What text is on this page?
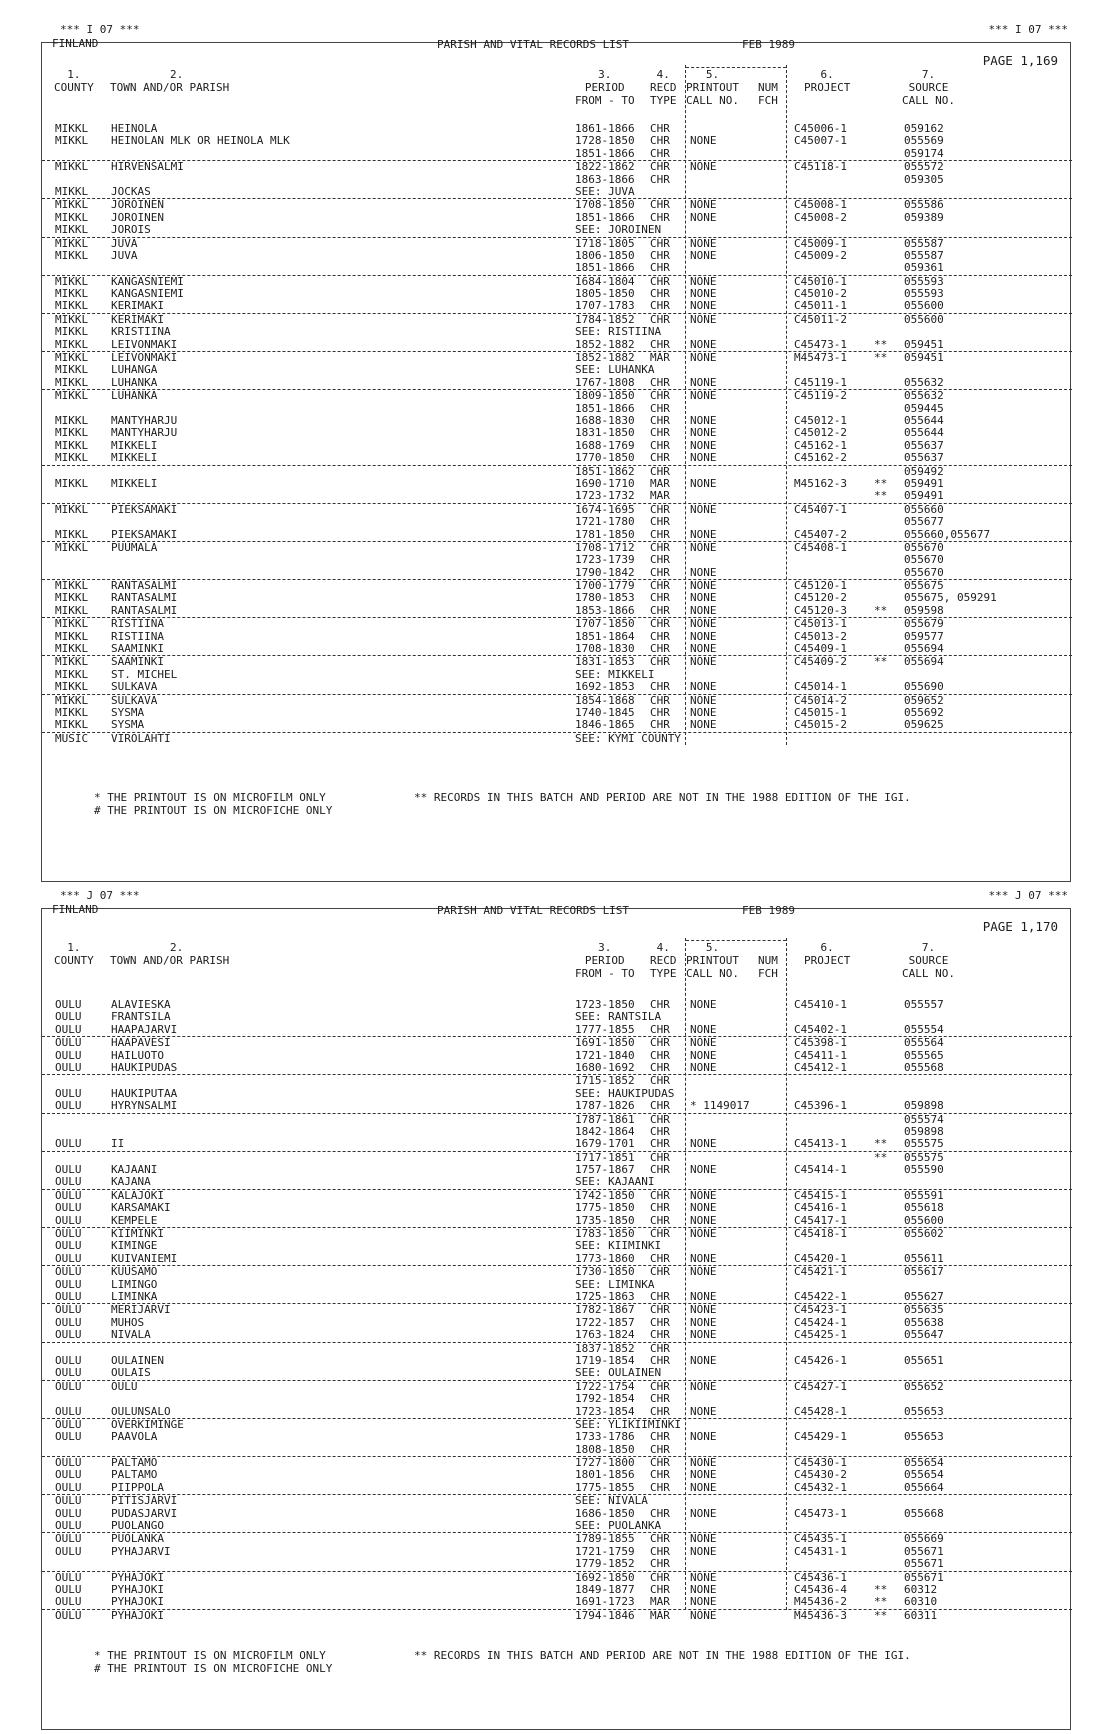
*** I 07 ***	*** I 07 ***
FINLAND	PARISH AND VITAL RECORDS LIST	FEB 1989
PAGE 1,169
1.
COUNTY
2.
TOWN AND/OR PARISH
3.
PERIOD
FROM - TO
4.
RECD
TYPE
5.
PRINTOUT
CALL NO.
NUM
FCH
6.
PROJECT
7.
SOURCE
CALL NO.
MIKKL HEINOLA	1861-1866 CHR	C45006-1	059162
MIKKL HEINOLAN MLK OR HEINOLA MLK	1728-1850 CHR NONE	C45007-1	055569
1851-1866 CHR	059174
MIKKL HIRVENSALMI	1822-1862 CHR NONE	C45118-1	055572
1863-1866 CHR	059305
MIKKL JOCKAS	SEE: JUVA
MIKKL JOROINEN	1708-1850 CHR NONE	C45008-1	055586
MIKKL JOROINEN	1851-1866 CHR NONE	C45008-2	059389
MIKKL JOROIS	SEE: JOROINEN
MIKKL JUVA	1718-1805 CHR NONE	C45009-1	055587
MIKKL JUVA	1806-1850 CHR NONE	C45009-2	055587
1851-1866 CHR	059361
MIKKL KANGASNIEMI	1684-1804 CHR NONE	C45010-1	055593
MIKKL KANGASNIEMI	1805-1850 CHR NONE	C45010-2	055593
MIKKL KERIMAKI	1707-1783 CHR NONE	C45011-1	055600
MIKKL KERIMAKI	1784-1852 CHR NONE	C45011-2	055600
MIKKL KRISTIINA	SEE: RISTIINA
MIKKL LEIVONMAKI	1852-1882 CHR NONE	C45473-1 ** 059451
MIKKL LEIVONMAKI	1852-1882 MAR NONE	M45473-1 ** 059451
MIKKL LUHANGA	SEE: LUHANKA
MIKKL LUHANKA	1767-1808 CHR NONE	C45119-1	055632
MIKKL LUHANKA	1809-1850 CHR NONE	C45119-2	055632
1851-1866 CHR	059445
MIKKL MANTYHARJU	1688-1830 CHR NONE	C45012-1	055644
MIKKL MANTYHARJU	1831-1850 CHR NONE	C45012-2	055644
MIKKL MIKKELI	1688-1769 CHR NONE	C45162-1	055637
MIKKL MIKKELI	1770-1850 CHR NONE	C45162-2	055637
1851-1862 CHR	059492
MIKKL MIKKELI	1690-1710 MAR NONE	M45162-3 ** 059491
1723-1732 MAR	** 059491
MIKKL PIEKSAMAKI	1674-1695 CHR NONE	C45407-1	055660
1721-1780 CHR	055677
MIKKL PIEKSAMAKI	1781-1850 CHR NONE	C45407-2	055660,055677
MIKKL PUUMALA	1708-1712 CHR NONE	C45408-1	055670
1723-1739 CHR	055670
1790-1842 CHR NONE	055670
MIKKL RANTASALMI	1700-1779 CHR NONE	C45120-1	055675
MIKKL RANTASALMI	1780-1853 CHR NONE	C45120-2	055675, 059291
MIKKL RANTASALMI	1853-1866 CHR NONE	C45120-3 ** 059598
MIKKL RISTIINA	1707-1850 CHR NONE	C45013-1	055679
MIKKL RISTIINA	1851-1864 CHR NONE	C45013-2	059577
MIKKL SAAMINKI	1708-1830 CHR NONE	C45409-1	055694
MIKKL SAAMINKI	1831-1853 CHR NONE	C45409-2 ** 055694
MIKKL ST. MICHEL	SEE: MIKKELI
MIKKL SULKAVA	1692-1853 CHR NONE	C45014-1	055690
MIKKL SULKAVA	1854-1868 CHR NONE	C45014-2	059652
MIKKL SYSMA	1740-1845 CHR NONE	C45015-1	055692
MIKKL SYSMA	1846-1865 CHR NONE	C45015-2	059625
MUSIC VIROLAHTI	SEE: KYMI COUNTY
* THE PRINTOUT IS ON MICROFILM ONLY
# THE PRINTOUT IS ON MICROFICHE ONLY
** RECORDS IN THIS BATCH AND PERIOD ARE NOT IN THE 1988 EDITION OF THE IGI.
*** J 07 ***	*** J 07 ***
FINLAND	PARISH AND VITAL RECORDS LIST	FEB 1989
PAGE 1,170
1.
COUNTY
2.
TOWN AND/OR PARISH
3.
PERIOD
FROM - TO
4.
RECD
TYPE
5.
PRINTOUT
CALL NO.
NUM
FCH
6.
PROJECT
7.
SOURCE
CALL NO.
OULU	ALAVIESKA	1723-1850 CHR NONE	C45410-1	055557
OULU	FRANTSILA	SEE: RANTSILA
OULU	HAAPAJARVI	1777-1855 CHR NONE	C45402-1	055554
OULU	HAAPAVESI	1691-1850 CHR NONE	C45398-1	055564
OULU	HAILUOTO	1721-1840 CHR NONE	C45411-1	055565
OULU	HAUKIPUDAS	1680-1692 CHR NONE	C45412-1	055568
1715-1852 CHR
OULU	HAUKIPUTAA	SEE: HAUKIPUDAS
OULU	HYRYNSALMI	1787-1826 CHR * 1149017	C45396-1	059898
1787-1861 CHR	055574
1842-1864 CHR	059898
OULU	II	1679-1701 CHR NONE	C45413-1 ** 055575
1717-1851 CHR	** 055575
OULU	KAJAANI	1757-1867 CHR NONE	C45414-1	055590
OULU	KAJANA	SEE: KAJAANI
OULU	KALAJOKI	1742-1850 CHR NONE	C45415-1	055591
OULU	KARSAMAKI	1775-1850 CHR NONE	C45416-1	055618
OULU	KEMPELE	1735-1850 CHR NONE	C45417-1	055600
OULU	KIIMINKI	1783-1850 CHR NONE	C45418-1	055602
OULU	KIMINGE	SEE: KIIMINKI
OULU	KUIVANIEMI	1773-1860 CHR NONE	C45420-1	055611
OULU	KUUSAMO	1730-1850 CHR NONE	C45421-1	055617
OULU	LIMINGO	SEE: LIMINKA
OULU	LIMINKA	1725-1863 CHR NONE	C45422-1	055627
OULU	MERIJARVI	1782-1867 CHR NONE	C45423-1	055635
OULU	MUHOS	1722-1857 CHR NONE	C45424-1	055638
OULU	NIVALA	1763-1824 CHR NONE	C45425-1	055647
1837-1852 CHR
OULU	OULAINEN	1719-1854 CHR NONE	C45426-1	055651
OULU	OULAIS	SEE: OULAINEN
OULU	OULU	1722-1754 CHR NONE	C45427-1	055652
1792-1854 CHR
OULU	OULUNSALO	1723-1854 CHR NONE	C45428-1	055653
OULU	OVERKIMINGE	SEE: YLIKIIMINKI
OULU	PAAVOLA	1733-1786 CHR NONE	C45429-1	055653
1808-1850 CHR
OULU	PALTAMO	1727-1800 CHR NONE	C45430-1	055654
OULU	PALTAMO	1801-1856 CHR NONE	C45430-2	055654
OULU	PIIPPOLA	1775-1855 CHR NONE	C45432-1	055664
OULU	PITISJARVI	SEE: NIVALA
OULU	PUDASJARVI	1686-1850 CHR NONE	C45473-1	055668
OULU	PUOLANGO	SEE: PUOLANKA
OULU	PUOLANKA	1789-1855 CHR NONE	C45435-1	055669
OULU	PYHAJARVI	1721-1759 CHR NONE	C45431-1	055671
1779-1852 CHR	055671
OULU	PYHAJOKI	1692-1850 CHR NONE	C45436-1	055671
OULU	PYHAJOKI	1849-1877 CHR NONE	C45436-4 ** 60312
OULU	PYHAJOKI	1691-1723 MAR NONE	M45436-2 ** 60310
OULU	PYHAJOKI	1794-1846 MAR NONE	M45436-3 ** 60311
* THE PRINTOUT IS ON MICROFILM ONLY
# THE PRINTOUT IS ON MICROFICHE ONLY
** RECORDS IN THIS BATCH AND PERIOD ARE NOT IN THE 1988 EDITION OF THE IGI.
